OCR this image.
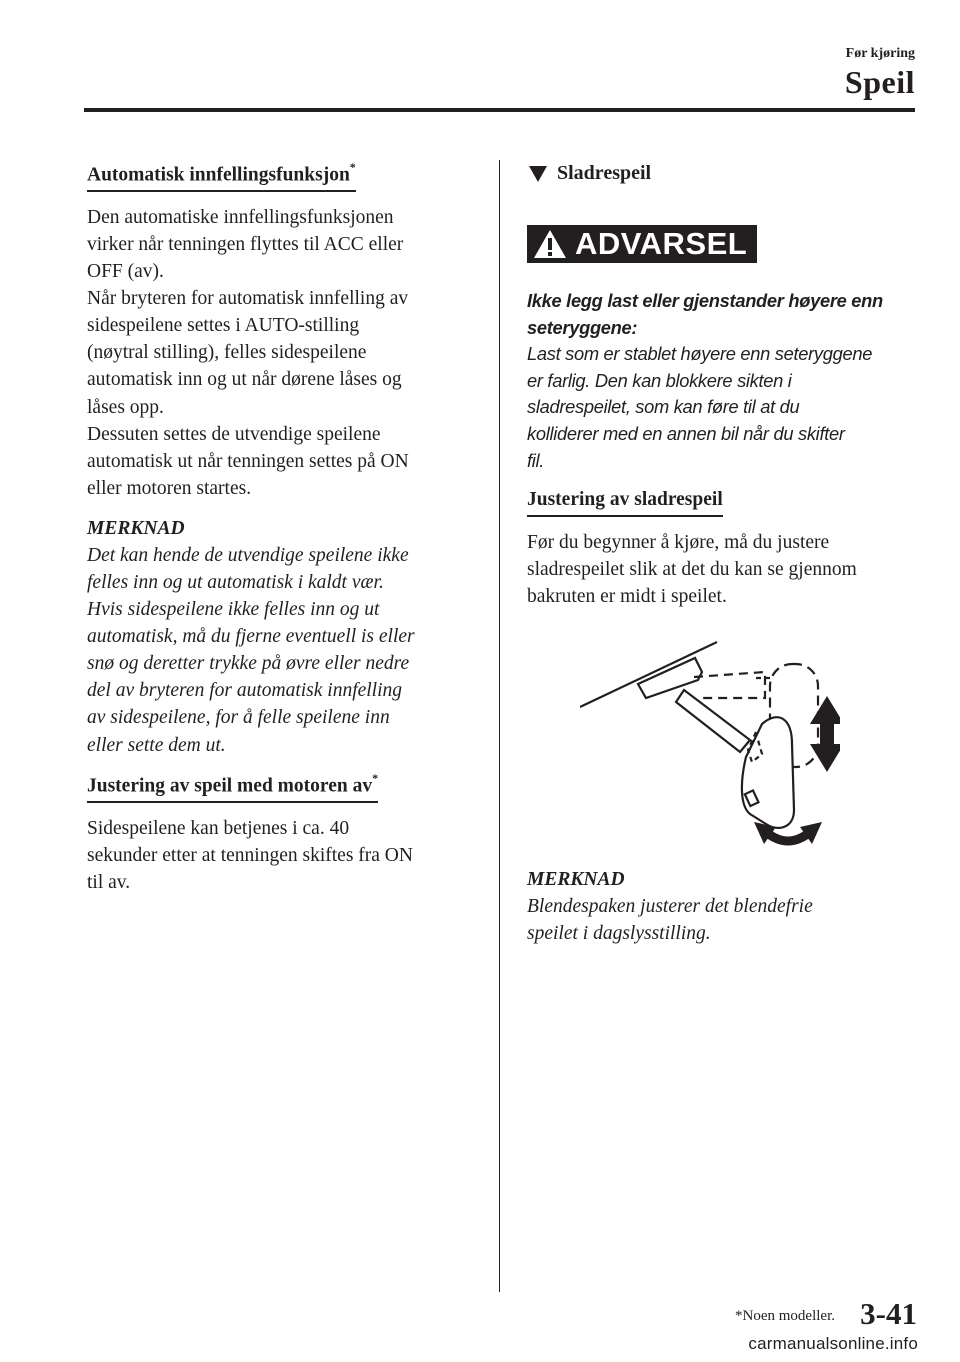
Før kjøring
Speil
Automatisk innfellingsfunksjon*
Den automatiske innfellingsfunksjonen
virker når tenningen flyttes til ACC eller
OFF (av).
Når bryteren for automatisk innfelling av
sidespeilene settes i AUTO-stilling
(nøytral stilling), felles sidespeilene
automatisk inn og ut når dørene låses og
låses opp.
Dessuten settes de utvendige speilene
automatisk ut når tenningen settes på ON
eller motoren startes.
MERKNAD
Det kan hende de utvendige speilene ikke
felles inn og ut automatisk i kaldt vær.
Hvis sidespeilene ikke felles inn og ut
automatisk, må du fjerne eventuell is eller
snø og deretter trykke på øvre eller nedre
del av bryteren for automatisk innfelling
av sidespeilene, for å felle speilene inn
eller sette dem ut.
Justering av speil med motoren av*
Sidespeilene kan betjenes i ca. 40
sekunder etter at tenningen skiftes fra ON
til av.
Sladrespeil
ADVARSEL
Ikke legg last eller gjenstander høyere enn
seteryggene:
Last som er stablet høyere enn seteryggene
er farlig. Den kan blokkere sikten i
sladrespeilet, som kan føre til at du
kolliderer med en annen bil når du skifter
fil.
Justering av sladrespeil
Før du begynner å kjøre, må du justere
sladrespeilet slik at det du kan se gjennom
bakruten er midt i speilet.
MERKNAD
Blendespaken justerer det blendefrie
speilet i dagslysstilling.
*Noen modeller. 3-41
carmanualsonline.info
